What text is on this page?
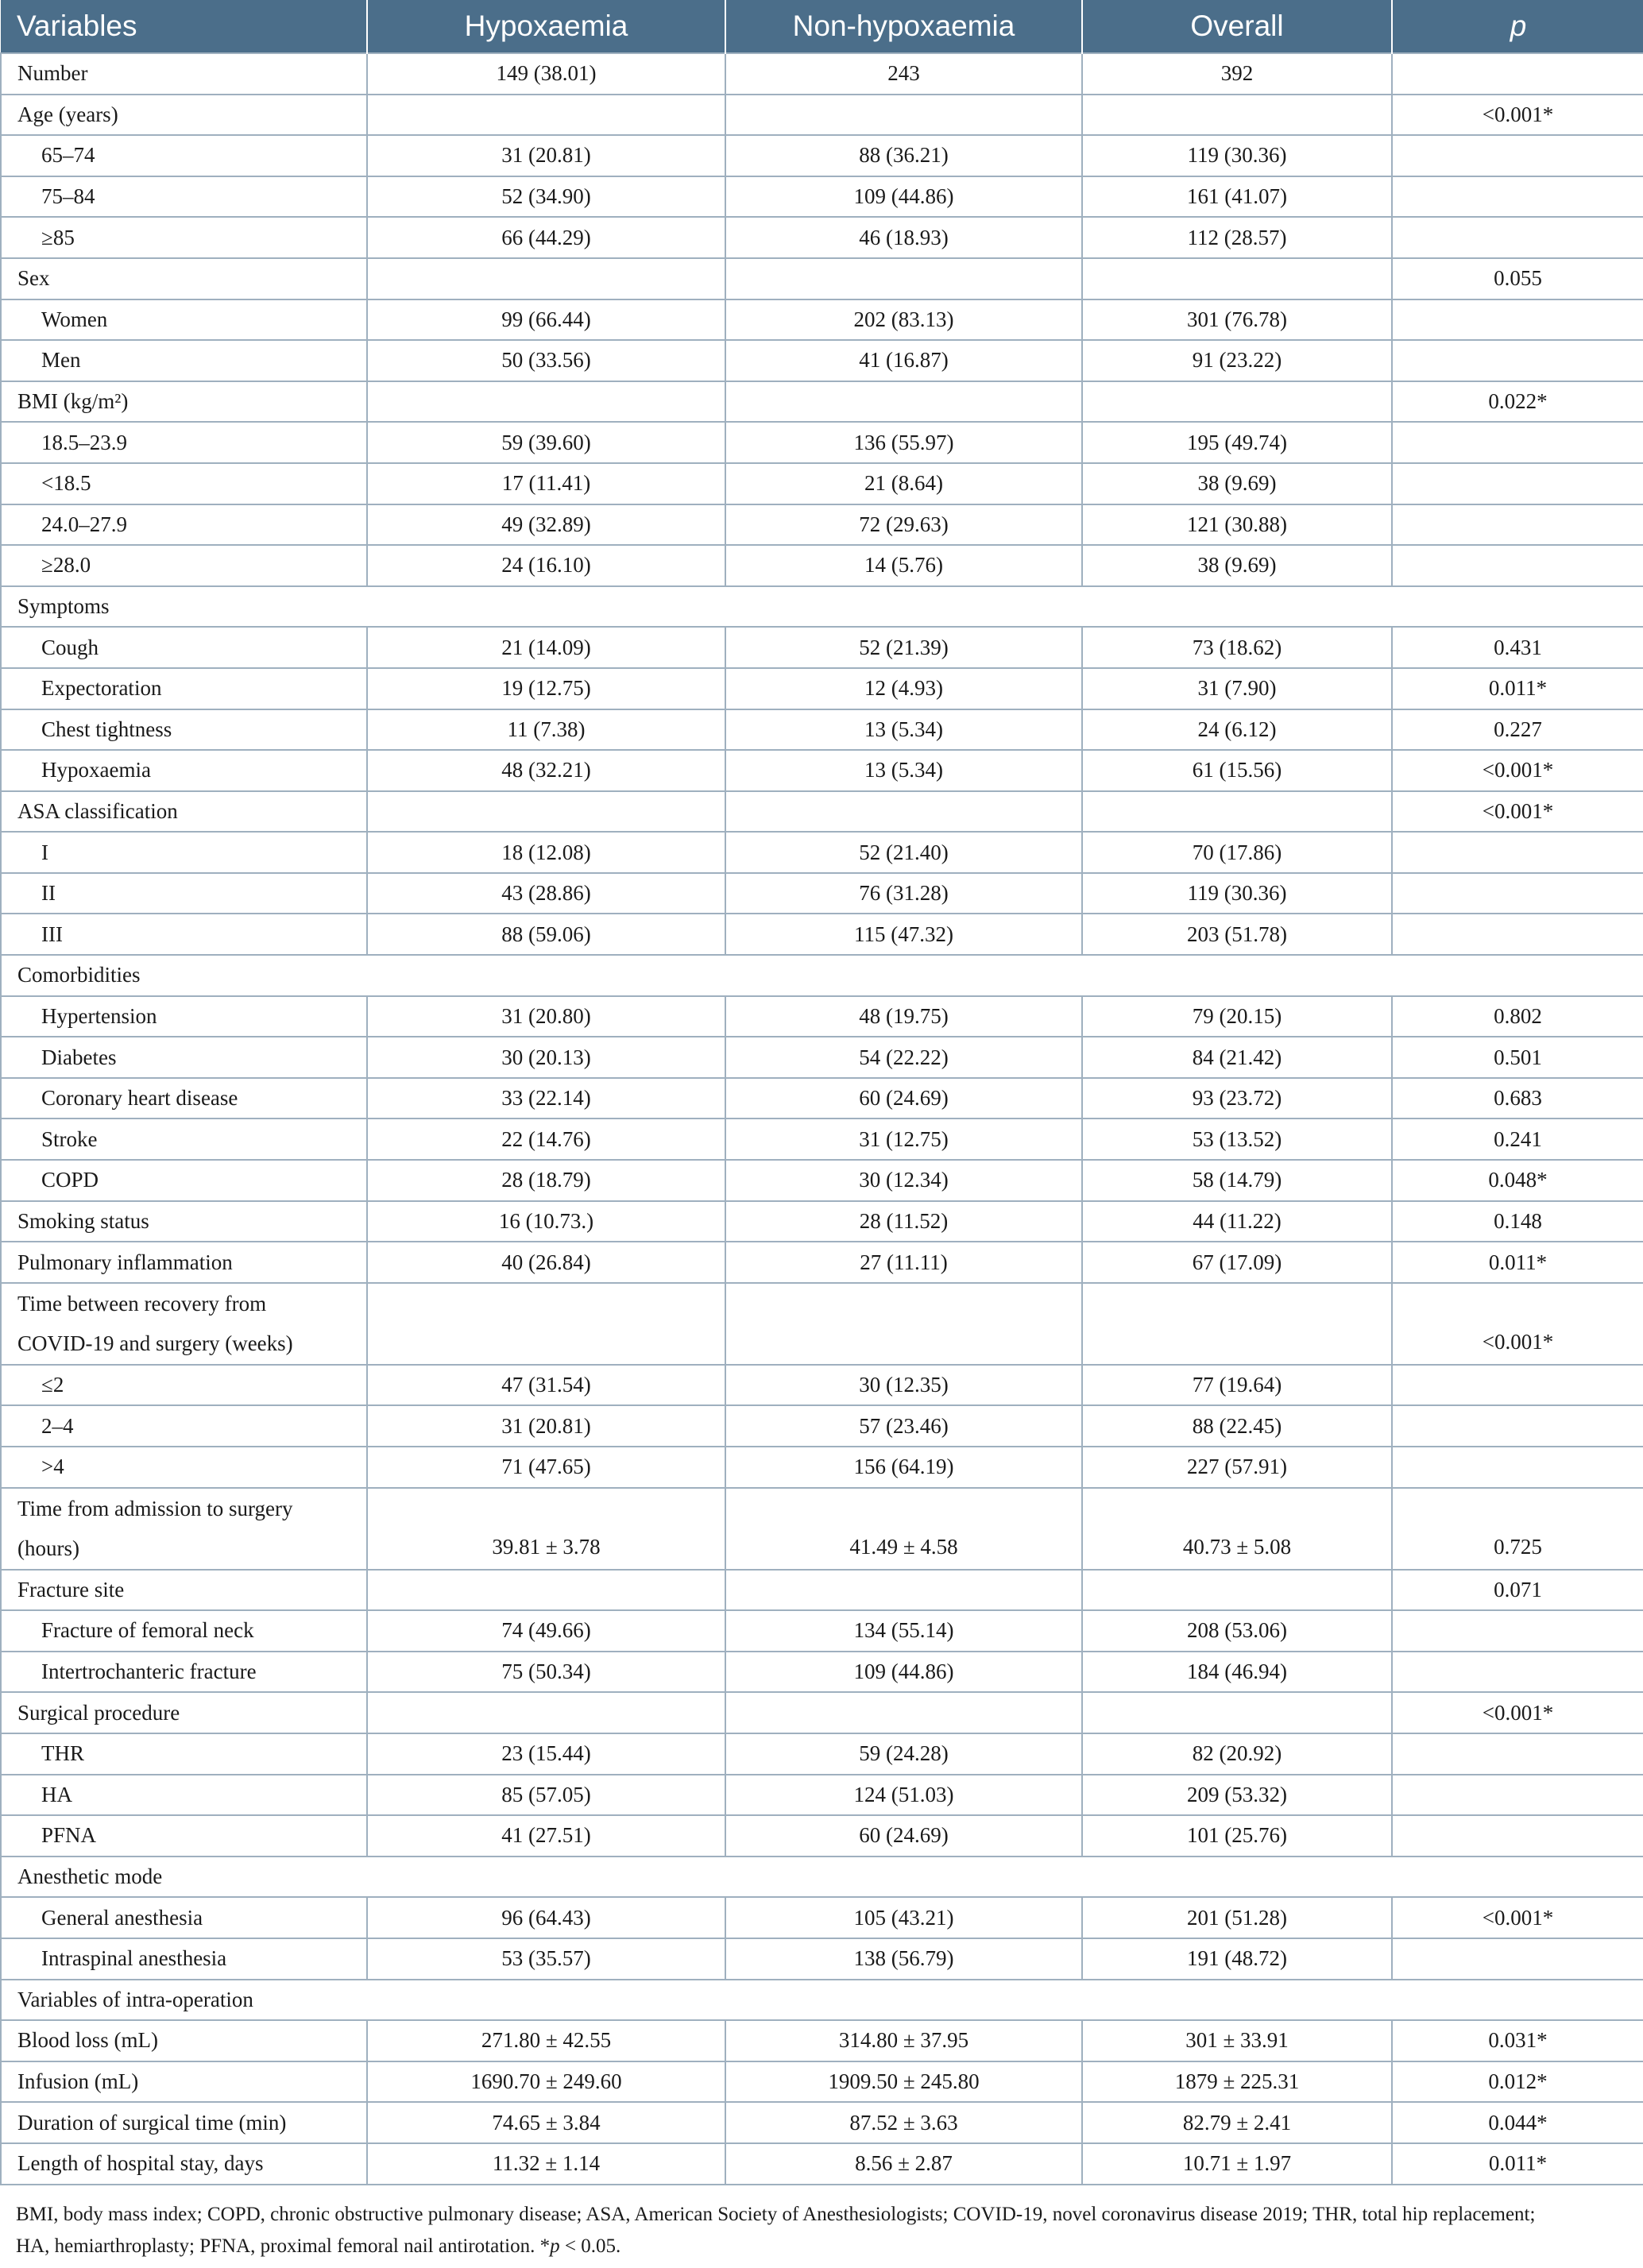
Variables	Hypoxaemia	Non-hypoxaemia	Overall	p
Number	149 (38.01)	243	392	
Age (years)				<0.001*
65–74	31 (20.81)	88 (36.21)	119 (30.36)	
75–84	52 (34.90)	109 (44.86)	161 (41.07)	
≥85	66 (44.29)	46 (18.93)	112 (28.57)	
Sex				0.055
Women	99 (66.44)	202 (83.13)	301 (76.78)	
Men	50 (33.56)	41 (16.87)	91 (23.22)	
BMI (kg/m²)				0.022*
18.5–23.9	59 (39.60)	136 (55.97)	195 (49.74)	
<18.5	17 (11.41)	21 (8.64)	38 (9.69)	
24.0–27.9	49 (32.89)	72 (29.63)	121 (30.88)	
≥28.0	24 (16.10)	14 (5.76)	38 (9.69)	
Symptoms				
Cough	21 (14.09)	52 (21.39)	73 (18.62)	0.431
Expectoration	19 (12.75)	12 (4.93)	31 (7.90)	0.011*
Chest tightness	11 (7.38)	13 (5.34)	24 (6.12)	0.227
Hypoxaemia	48 (32.21)	13 (5.34)	61 (15.56)	<0.001*
ASA classification				<0.001*
I	18 (12.08)	52 (21.40)	70 (17.86)	
II	43 (28.86)	76 (31.28)	119 (30.36)	
III	88 (59.06)	115 (47.32)	203 (51.78)	
Comorbidities				
Hypertension	31 (20.80)	48 (19.75)	79 (20.15)	0.802
Diabetes	30 (20.13)	54 (22.22)	84 (21.42)	0.501
Coronary heart disease	33 (22.14)	60 (24.69)	93 (23.72)	0.683
Stroke	22 (14.76)	31 (12.75)	53 (13.52)	0.241
COPD	28 (18.79)	30 (12.34)	58 (14.79)	0.048*
Smoking status	16 (10.73.)	28 (11.52)	44 (11.22)	0.148
Pulmonary inflammation	40 (26.84)	27 (11.11)	67 (17.09)	0.011*

Time between recovery from
COVID-19 and surgery (weeks)				<0.001*
≤2	47 (31.54)	30 (12.35)	77 (19.64)	
2–4	31 (20.81)	57 (23.46)	88 (22.45)	
>4	71 (47.65)	156 (64.19)	227 (57.91)	

Time from admission to surgery
(hours)	39.81 ± 3.78	41.49 ± 4.58	40.73 ± 5.08	0.725
Fracture site				0.071
Fracture of femoral neck	74 (49.66)	134 (55.14)	208 (53.06)	
Intertrochanteric fracture	75 (50.34)	109 (44.86)	184 (46.94)	
Surgical procedure				<0.001*
THR	23 (15.44)	59 (24.28)	82 (20.92)	
HA	85 (57.05)	124 (51.03)	209 (53.32)	
PFNA	41 (27.51)	60 (24.69)	101 (25.76)	
Anesthetic mode				
General anesthesia	96 (64.43)	105 (43.21)	201 (51.28)	<0.001*
Intraspinal anesthesia	53 (35.57)	138 (56.79)	191 (48.72)	
Variables of intra-operation				
Blood loss (mL)	271.80 ± 42.55	314.80 ± 37.95	301 ± 33.91	0.031*
Infusion (mL)	1690.70 ± 249.60	1909.50 ± 245.80	1879 ± 225.31	0.012*
Duration of surgical time (min)	74.65 ± 3.84	87.52 ± 3.63	82.79 ± 2.41	0.044*
Length of hospital stay, days	11.32 ± 1.14	8.56 ± 2.87	10.71 ± 1.97	0.011*
BMI, body mass index; COPD, chronic obstructive pulmonary disease; ASA, American Society of Anesthesiologists; COVID-19, novel coronavirus disease 2019; THR, total hip replacement;
HA, hemiarthroplasty; PFNA, proximal femoral nail antirotation. *p < 0.05.
